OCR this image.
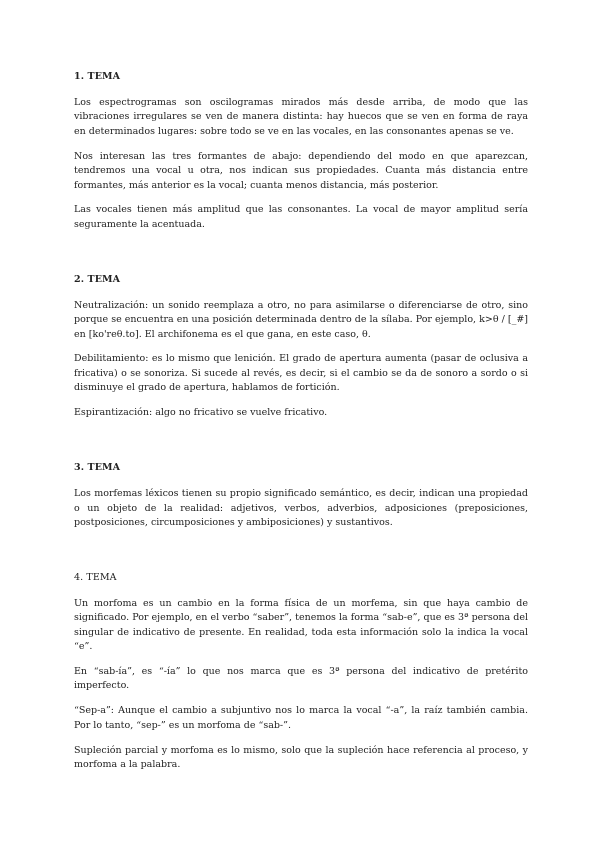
1. TEMA

Los espectrogramas son oscilogramas mirados más desde arriba, de modo que las vibraciones irregulares se ven de manera distinta: hay huecos que se ven en forma de raya en determinados lugares: sobre todo se ve en las vocales, en las consonantes apenas se ve.

Nos interesan las tres formantes de abajo: dependiendo del modo en que aparezcan, tendremos una vocal u otra, nos indican sus propiedades. Cuanta más distancia entre formantes, más anterior es la vocal; cuanta menos distancia, más posterior.

Las vocales tienen más amplitud que las consonantes. La vocal de mayor amplitud sería seguramente la acentuada.

2. TEMA

Neutralización: un sonido reemplaza a otro, no para asimilarse o diferenciarse de otro, sino porque se encuentra en una posición determinada dentro de la sílaba. Por ejemplo, k>θ / [_#] en [ko'reθ.to]. El archifonema es el que gana, en este caso, θ.

Debilitamiento: es lo mismo que lenición. El grado de apertura aumenta (pasar de oclusiva a fricativa) o se sonoriza. Si sucede al revés, es decir, si el cambio se da de sonoro a sordo o si disminuye el grado de apertura, hablamos de fortición.

Espirantización: algo no fricativo se vuelve fricativo.

3. TEMA

Los morfemas léxicos tienen su propio significado semántico, es decir, indican una propiedad o un objeto de la realidad: adjetivos, verbos, adverbios, adposiciones (preposiciones, postposiciones, circumposiciones y ambiposiciones) y sustantivos.

4. TEMA

Un morfoma es un cambio en la forma física de un morfema, sin que haya cambio de significado. Por ejemplo, en el verbo “saber”, tenemos la forma “sab-e”, que es 3ª persona del singular de indicativo de presente. En realidad, toda esta información solo la indica la vocal “e”.

En “sab-ía”, es “-ía” lo que nos marca que es 3ª persona del indicativo de pretérito imperfecto.

“Sep-a”: Aunque el cambio a subjuntivo nos lo marca la vocal “-a”, la raíz también cambia. Por lo tanto, “sep-” es un morfoma de “sab-”.

Supleción parcial y morfoma es lo mismo, solo que la supleción hace referencia al proceso, y morfoma a la palabra.
